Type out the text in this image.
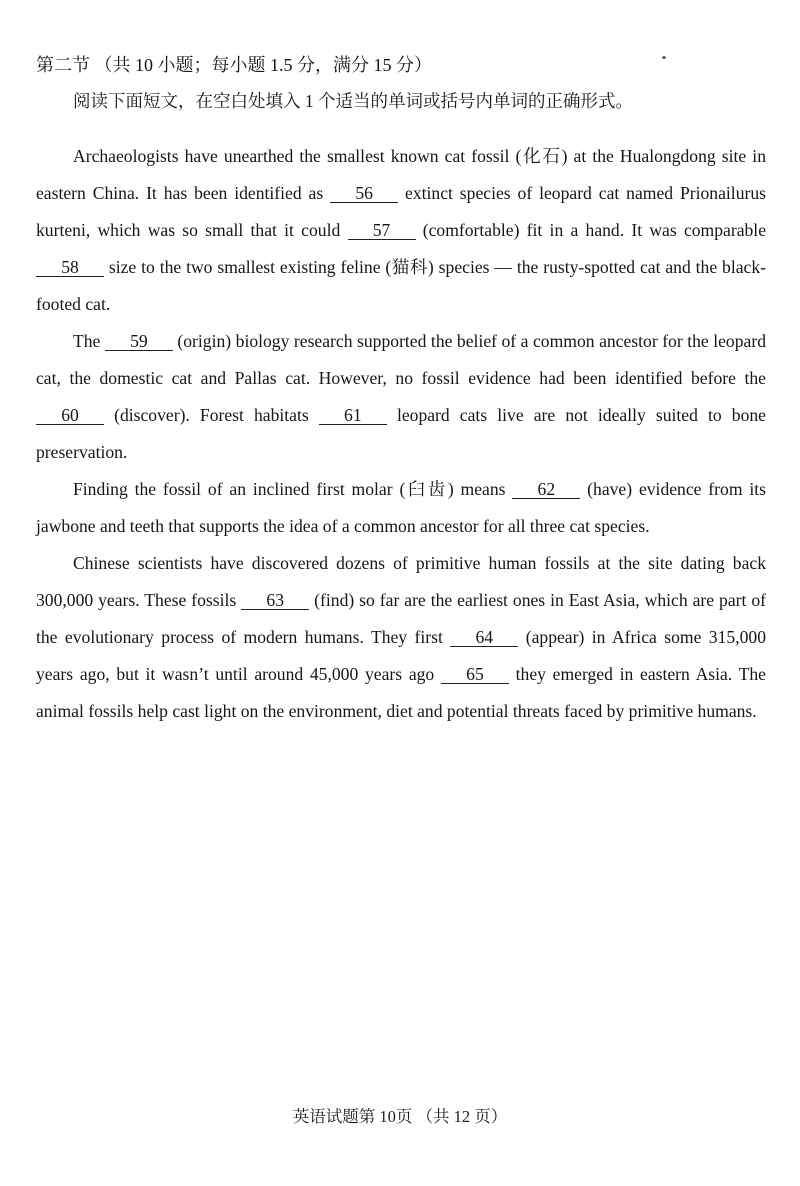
第二节 （共 10 小题；每小题 1.5 分，满分 15 分）
阅读下面短文，在空白处填入 1 个适当的单词或括号内单词的正确形式。

Archaeologists have unearthed the smallest known cat fossil (化石) at the Hualongdong site in eastern China. It has been identified as 56 extinct species of leopard cat named Prionailurus kurteni, which was so small that it could 57 (comfortable) fit in a hand. It was comparable 58 size to the two smallest existing feline (猫科) species — the rusty-spotted cat and the black-footed cat.

The 59 (origin) biology research supported the belief of a common ancestor for the leopard cat, the domestic cat and Pallas cat. However, no fossil evidence had been identified before the 60 (discover). Forest habitats 61 leopard cats live are not ideally suited to bone preservation.

Finding the fossil of an inclined first molar (臼齿) means 62 (have) evidence from its jawbone and teeth that supports the idea of a common ancestor for all three cat species.

Chinese scientists have discovered dozens of primitive human fossils at the site dating back 300,000 years. These fossils 63 (find) so far are the earliest ones in East Asia, which are part of the evolutionary process of modern humans. They first 64 (appear) in Africa some 315,000 years ago, but it wasn’t until around 45,000 years ago 65 they emerged in eastern Asia. The animal fossils help cast light on the environment, diet and potential threats faced by primitive humans.

英语试题第 10页 （共 12 页）
